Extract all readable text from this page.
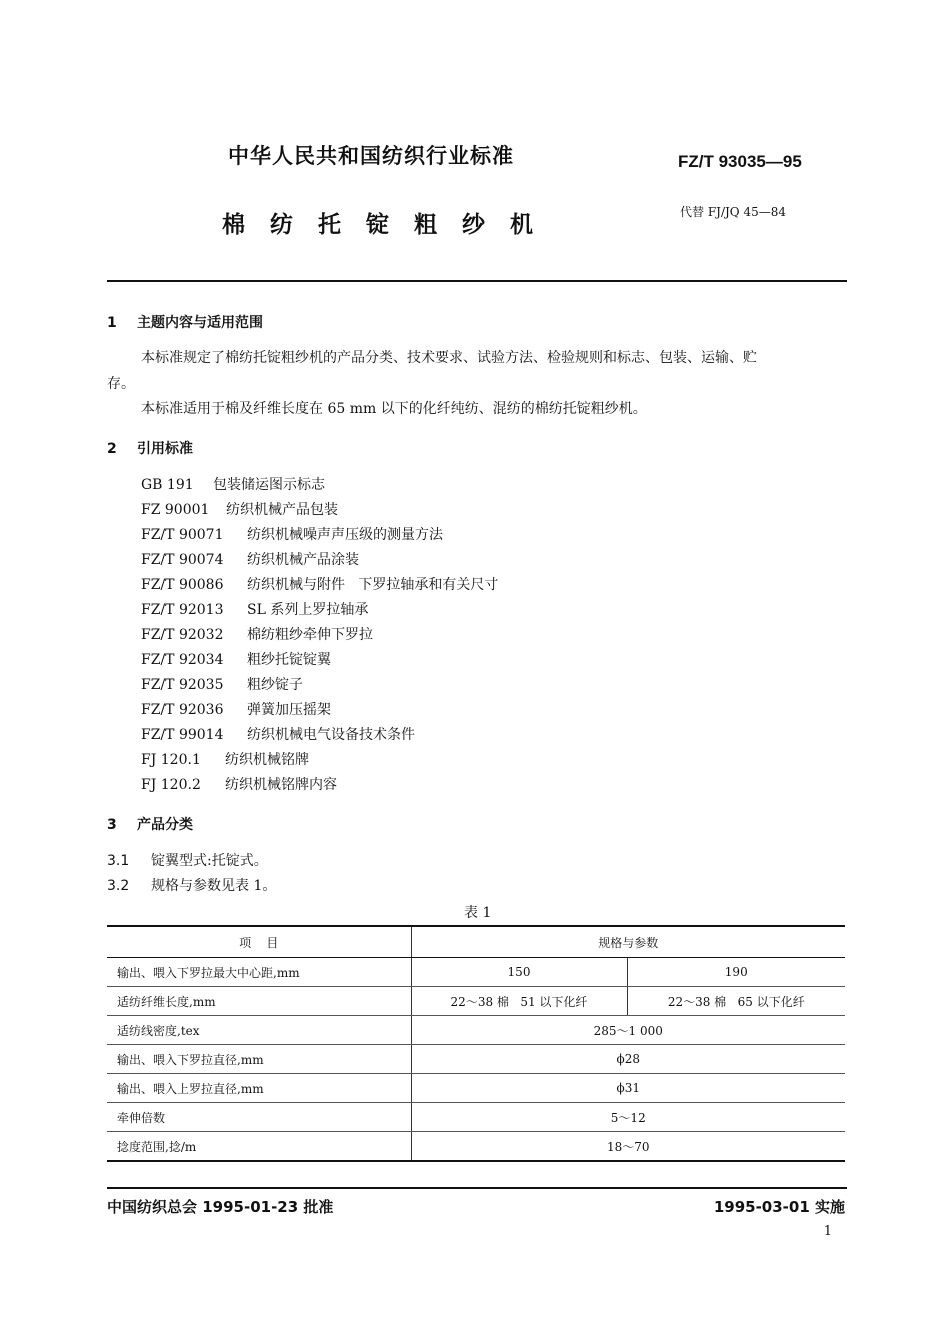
中华人民共和国纺织行业标准	FZ/T 93035—95
棉纺托锭粗纱机	代替 FJ/JQ 45—84
1 主题内容与适用范围
本标准规定了棉纺托锭粗纱机的产品分类、技术要求、试验方法、检验规则和标志、包装、运输、贮
存。
本标准适用于棉及纤维长度在 65 mm 以下的化纤纯纺、混纺的棉纺托锭粗纱机。
2 引用标准
GB 191 包装储运图示标志
FZ 90001 纺织机械产品包装
FZ/T 90071 纺织机械噪声声压级的测量方法
FZ/T 90074 纺织机械产品涂装
FZ/T 90086 纺织机械与附件   下罗拉轴承和有关尺寸
FZ/T 92013 SL 系列上罗拉轴承
FZ/T 92032 棉纺粗纱牵伸下罗拉
FZ/T 92034 粗纱托锭锭翼
FZ/T 92035 粗纱锭子
FZ/T 92036 弹簧加压摇架
FZ/T 99014 纺织机械电气设备技术条件
FJ 120.1 纺织机械铭牌
FJ 120.2 纺织机械铭牌内容
3 产品分类
3.1 锭翼型式:托锭式。
3.2 规格与参数见表 1。
表 1
项    目	规格与参数	
输出、喂入下罗拉最大中心距,mm	150	190
适纺纤维长度,mm	22～38 棉   51 以下化纤	22～38 棉   65 以下化纤
适纺线密度,tex	285～1 000	
输出、喂入下罗拉直径,mm	ϕ28	
输出、喂入上罗拉直径,mm	ϕ31	
牵伸倍数	5～12	
捻度范围,捻/m	18～70	
中国纺织总会 1995-01-23 批准	1995-03-01 实施
1
